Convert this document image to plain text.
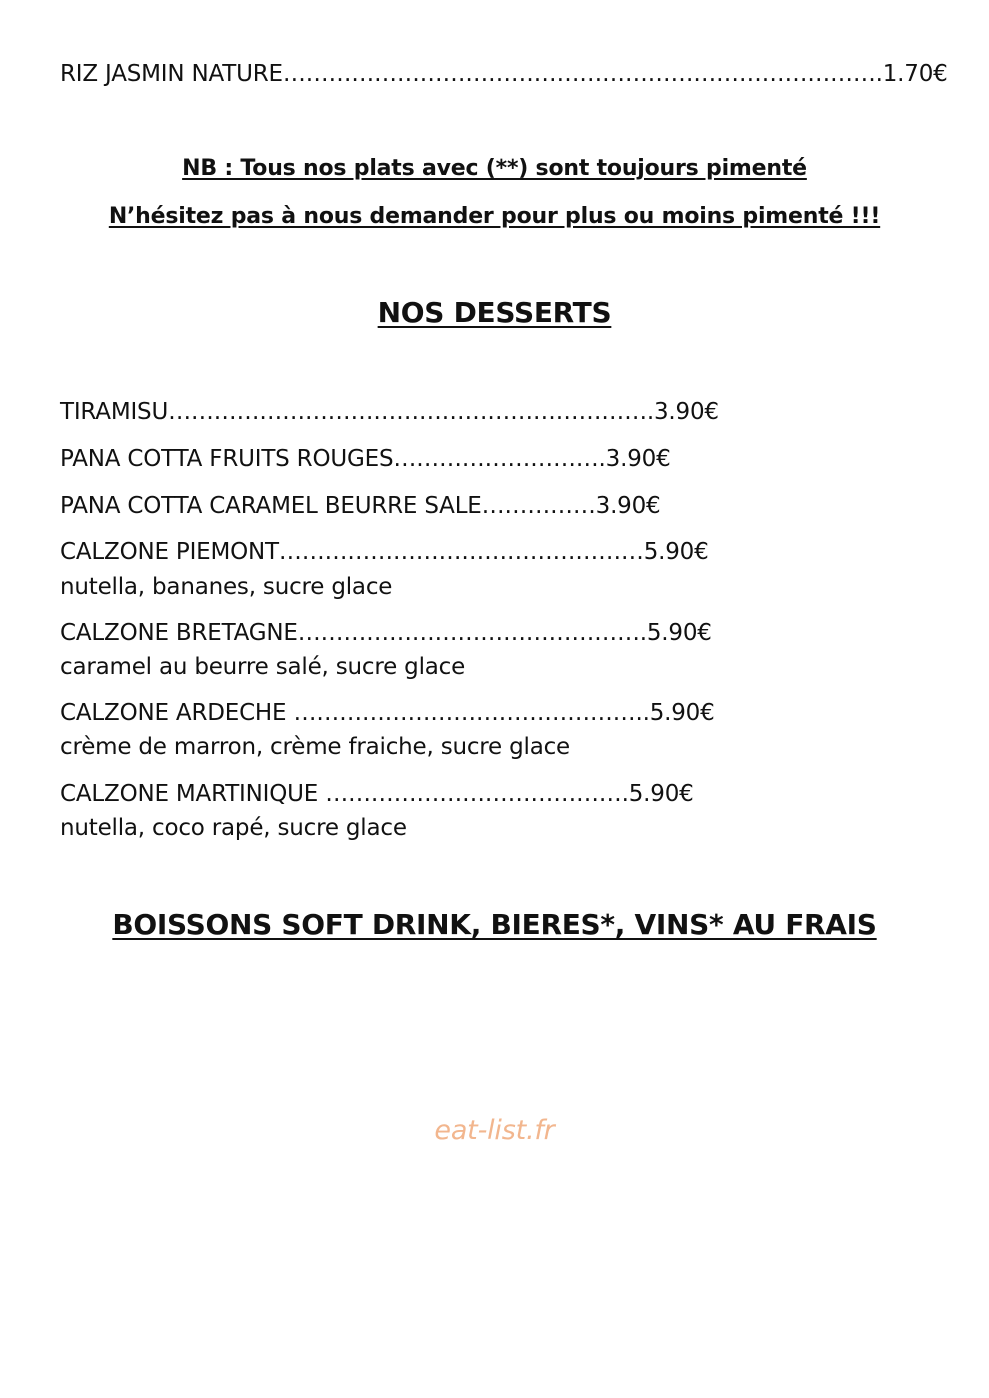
RIZ JASMIN NATURE…………………………………………………………………….1.70€
NB : Tous nos plats avec (**) sont toujours pimenté
N’hésitez pas à nous demander pour plus ou moins pimenté !!!
NOS DESSERTS
TIRAMISU……………………………………………………….3.90€
PANA COTTA FRUITS ROUGES……………………….3.90€
PANA COTTA CARAMEL BEURRE SALE……………3.90€
CALZONE PIEMONT…………………………………………5.90€
nutella, bananes, sucre glace
CALZONE BRETAGNE……………………………………….5.90€
caramel au beurre salé, sucre glace
CALZONE ARDECHE ………………………………………..5.90€
crème de marron, crème fraiche, sucre glace
CALZONE MARTINIQUE ………………………………….5.90€
nutella, coco rapé, sucre glace
BOISSONS SOFT DRINK, BIERES*, VINS* AU FRAIS
eat-list.fr
